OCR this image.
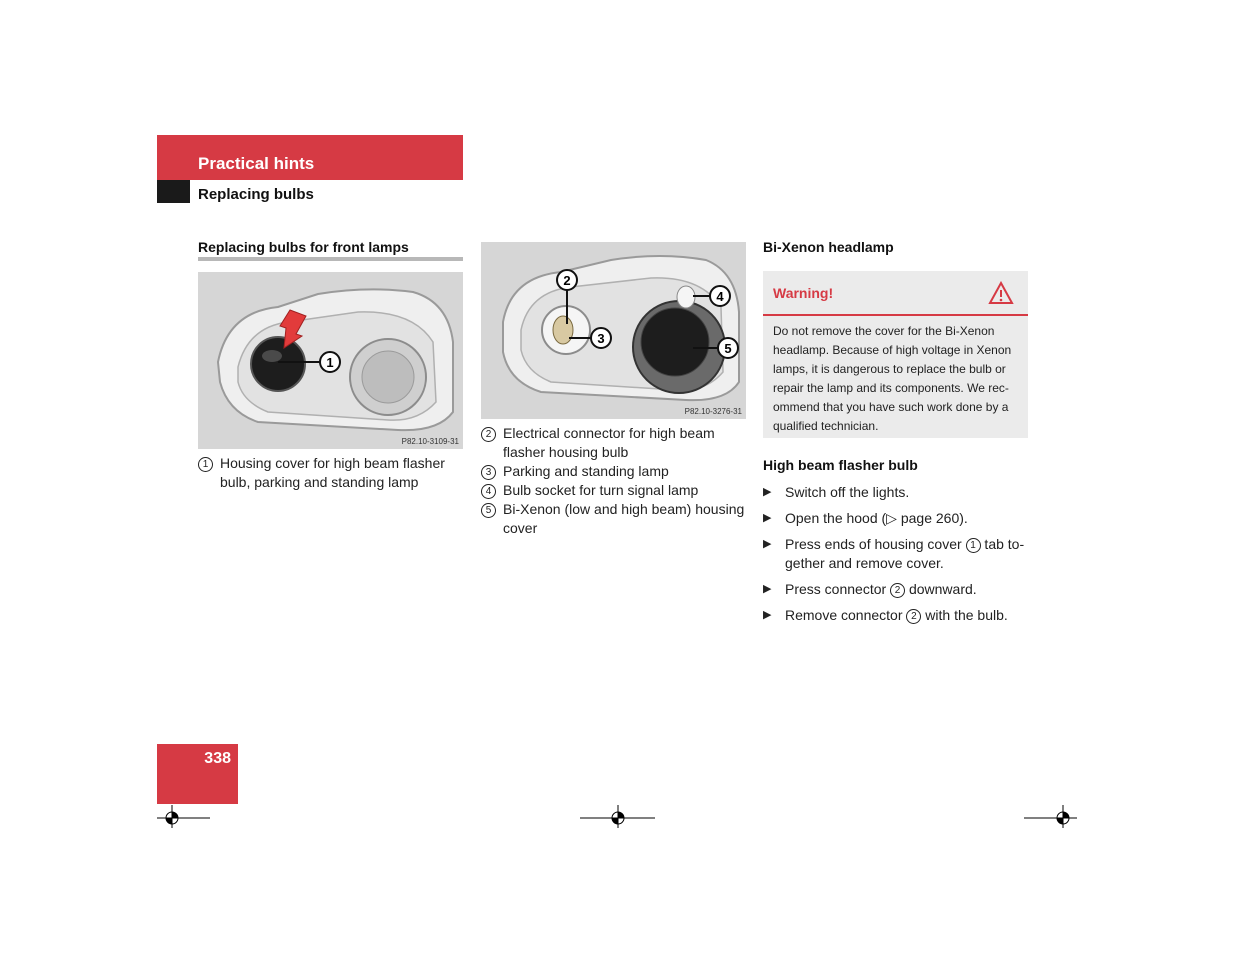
Practical hints
Replacing bulbs
Replacing bulbs for front lamps
1
P82.10-3109-31
1 Housing cover for high beam flasher bulb, parking and standing lamp
2
3
4
5
P82.10-3276-31
2 Electrical connector for high beam flasher housing bulb
3 Parking and standing lamp
4 Bulb socket for turn signal lamp
5 Bi-Xenon (low and high beam) housing cover
Bi-Xenon headlamp
Warning!
Do not remove the cover for the Bi-Xenon headlamp. Because of high voltage in Xenon lamps, it is dangerous to replace the bulb or repair the lamp and its components. We rec-ommend that you have such work done by a qualified technician.
High beam flasher bulb
▶ Switch off the lights.
▶ Open the hood (▷ page 260).
▶ Press ends of housing cover 1 tab to-gether and remove cover.
▶ Press connector 2 downward.
▶ Remove connector 2 with the bulb.
338
